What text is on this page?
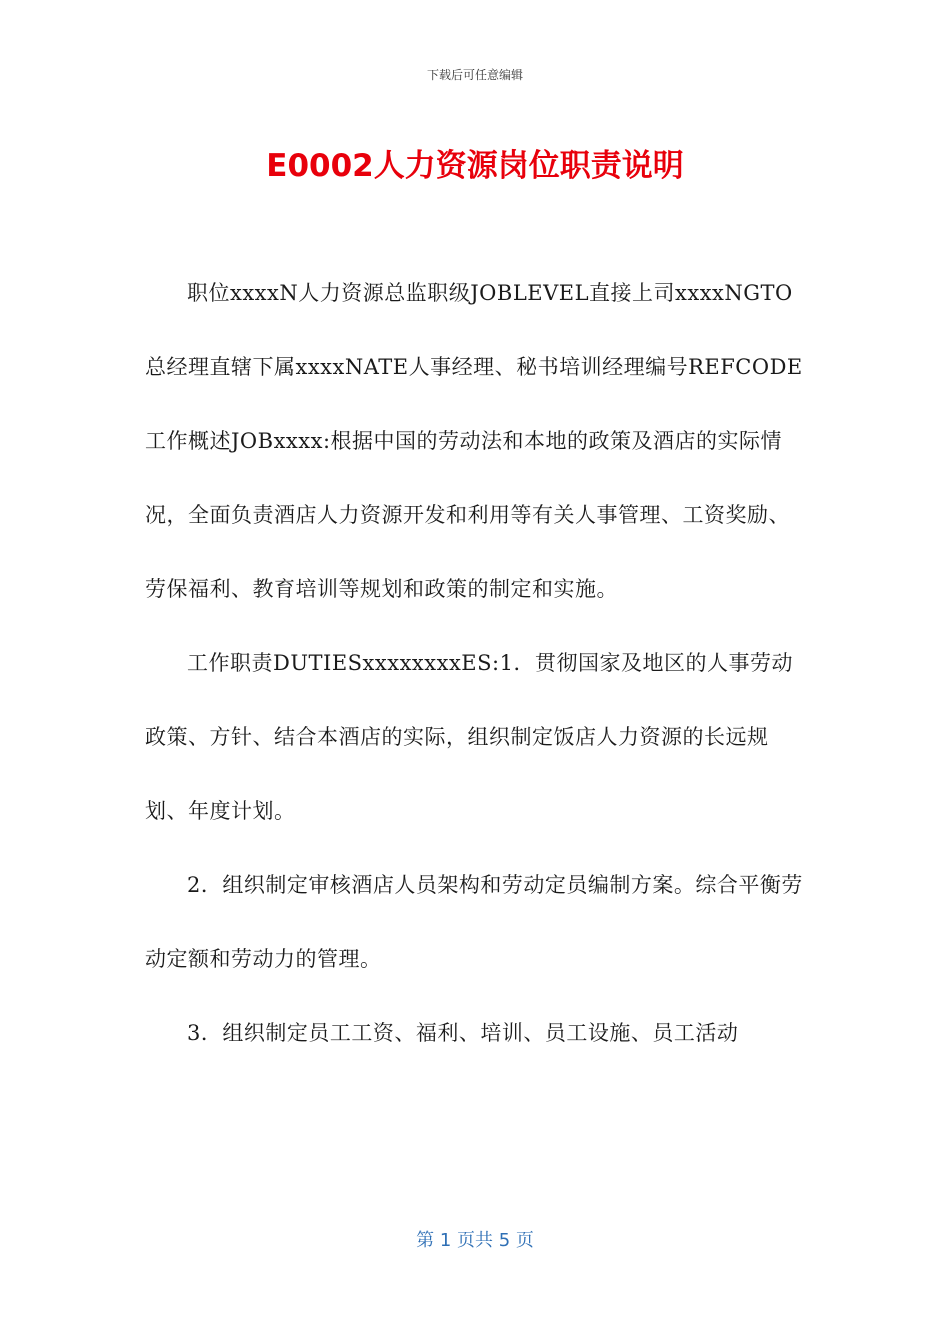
下载后可任意编辑
E0002人力资源岗位职责说明

职位xxxxN人力资源总监职级JOBLEVEL直接上司xxxxNGTO总经理直辖下属xxxxNATE人事经理、秘书培训经理编号REFCODE工作概述JOBxxxx:根据中国的劳动法和本地的政策及酒店的实际情况，全面负责酒店人力资源开发和利用等有关人事管理、工资奖励、劳保福利、教育培训等规划和政策的制定和实施。

工作职责DUTIESxxxxxxxxES:1．贯彻国家及地区的人事劳动政策、方针、结合本酒店的实际，组织制定饭店人力资源的长远规划、年度计划。

2．组织制定审核酒店人员架构和劳动定员编制方案。综合平衡劳动定额和劳动力的管理。

3．组织制定员工工资、福利、培训、员工设施、员工活动

第 1 页共 5 页
